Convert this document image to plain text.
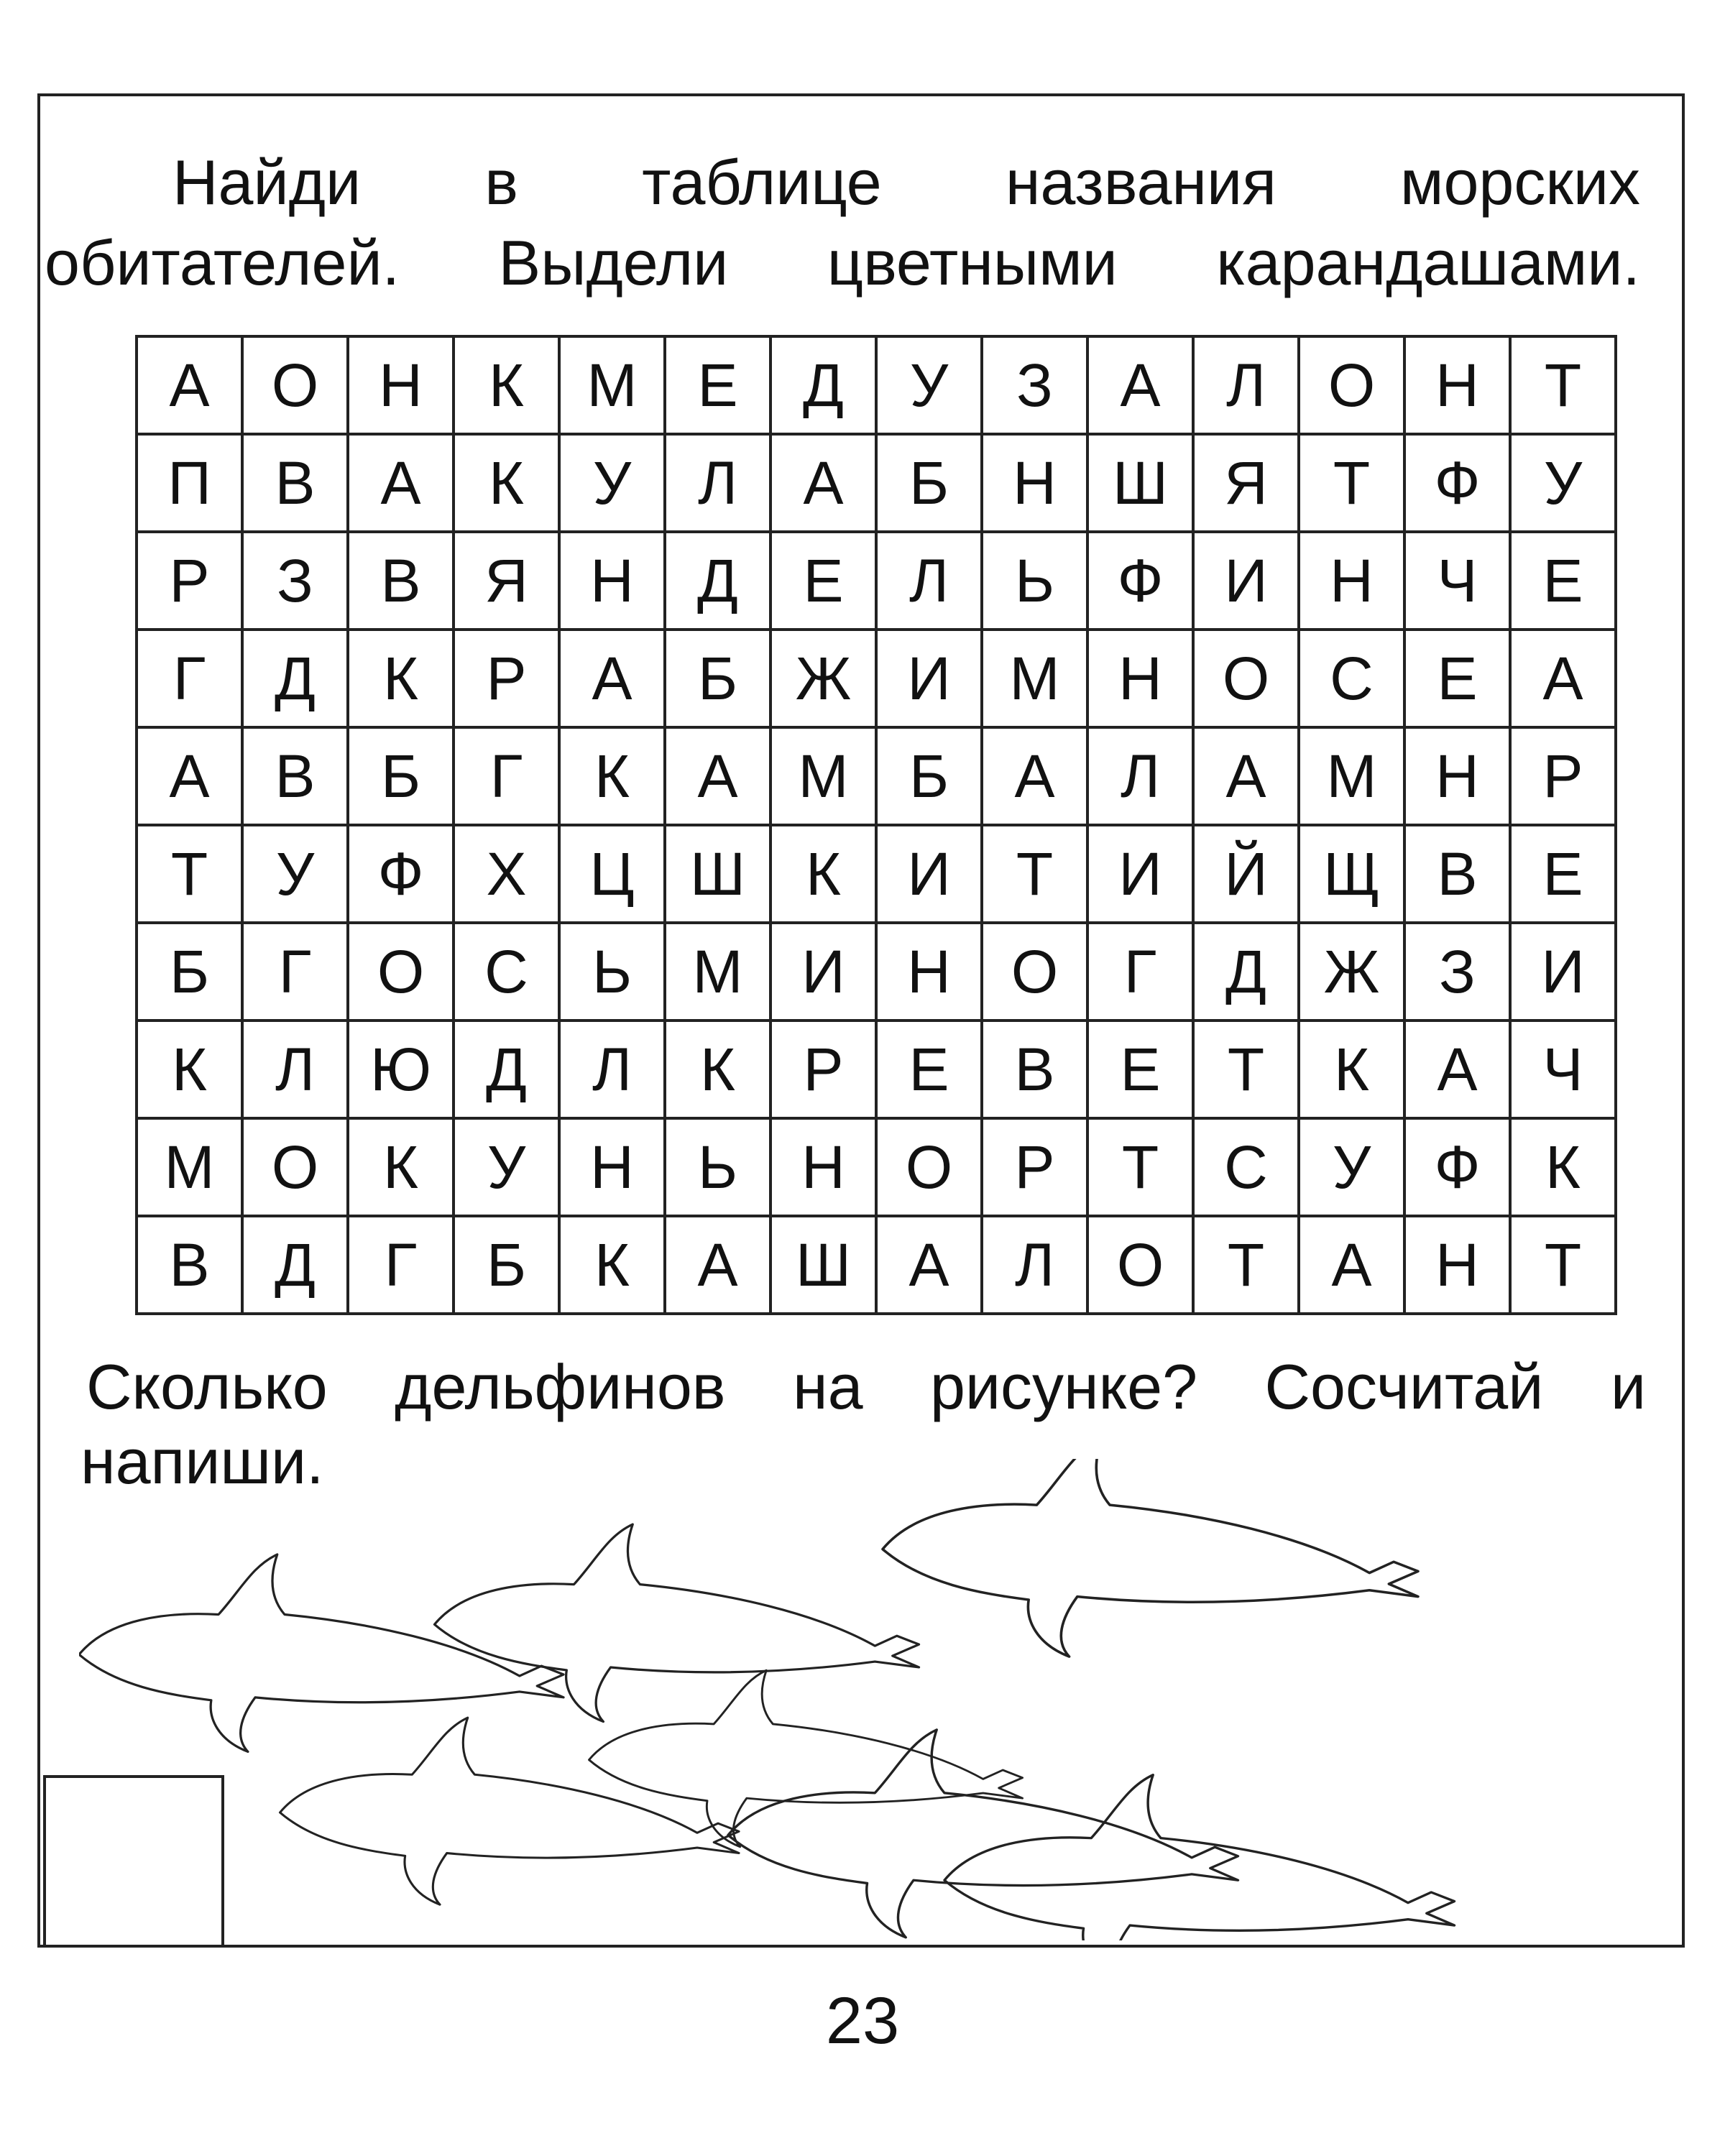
Найди в таблице названия морских
обитателей. Выдели цветными карандашами.

А	О	Н	К	М	Е	Д	У	З	А	Л	О	Н	Т
П	В	А	К	У	Л	А	Б	Н	Ш	Я	Т	Ф	У
Р	З	В	Я	Н	Д	Е	Л	Ь	Ф	И	Н	Ч	Е
Г	Д	К	Р	А	Б	Ж	И	М	Н	О	С	Е	А
А	В	Б	Г	К	А	М	Б	А	Л	А	М	Н	Р
Т	У	Ф	Х	Ц	Ш	К	И	Т	И	Й	Щ	В	Е
Б	Г	О	С	Ь	М	И	Н	О	Г	Д	Ж	З	И
К	Л	Ю	Д	Л	К	Р	Е	В	Е	Т	К	А	Ч
М	О	К	У	Н	Ь	Н	О	Р	Т	С	У	Ф	К
В	Д	Г	Б	К	А	Ш	А	Л	О	Т	А	Н	Т

Сколько дельфинов на рисунке? Сосчитай и
напиши.

23
